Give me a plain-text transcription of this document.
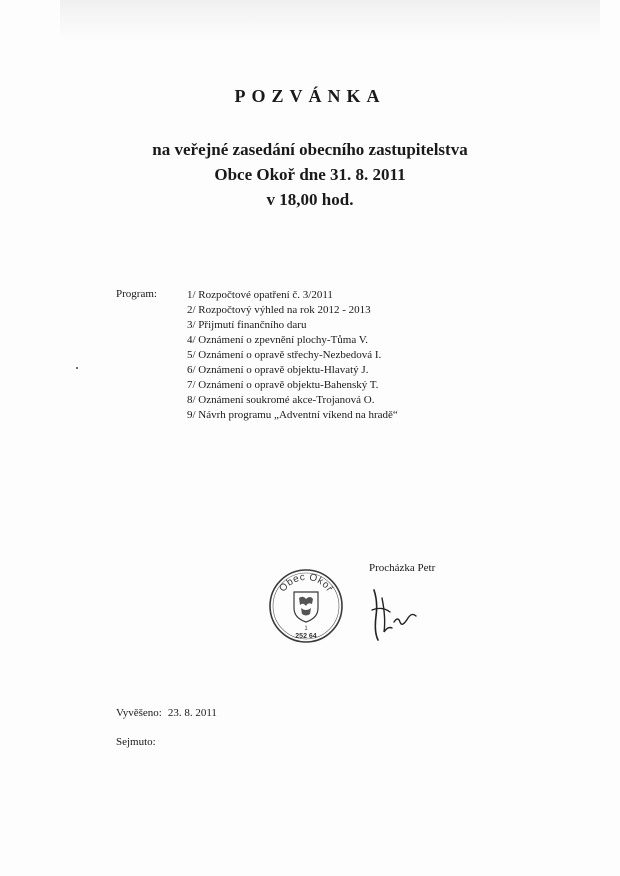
POZVÁNKA
na veřejné zasedání obecního zastupitelstva
Obce Okoř dne 31. 8. 2011
v 18,00 hod.
Program:	1/ Rozpočtové opatření č. 3/2011
2/ Rozpočtový výhled na rok 2012 - 2013
3/ Přijmutí finančního daru
4/ Oznámení o zpevnění plochy-Tůma V.
5/ Oznámení o opravě střechy-Nezbedová I.
6/ Oznámení o opravě objektu-Hlavatý J.
7/ Oznámení o opravě objektu-Bahenský T.
8/ Oznámení soukromé akce-Trojanová O.
9/ Návrh programu „Adventní víkend na hradě“
Obec Okoř
1
252 64
Procházka Petr
Vyvěšeno: 23. 8. 2011
Sejmuto:
